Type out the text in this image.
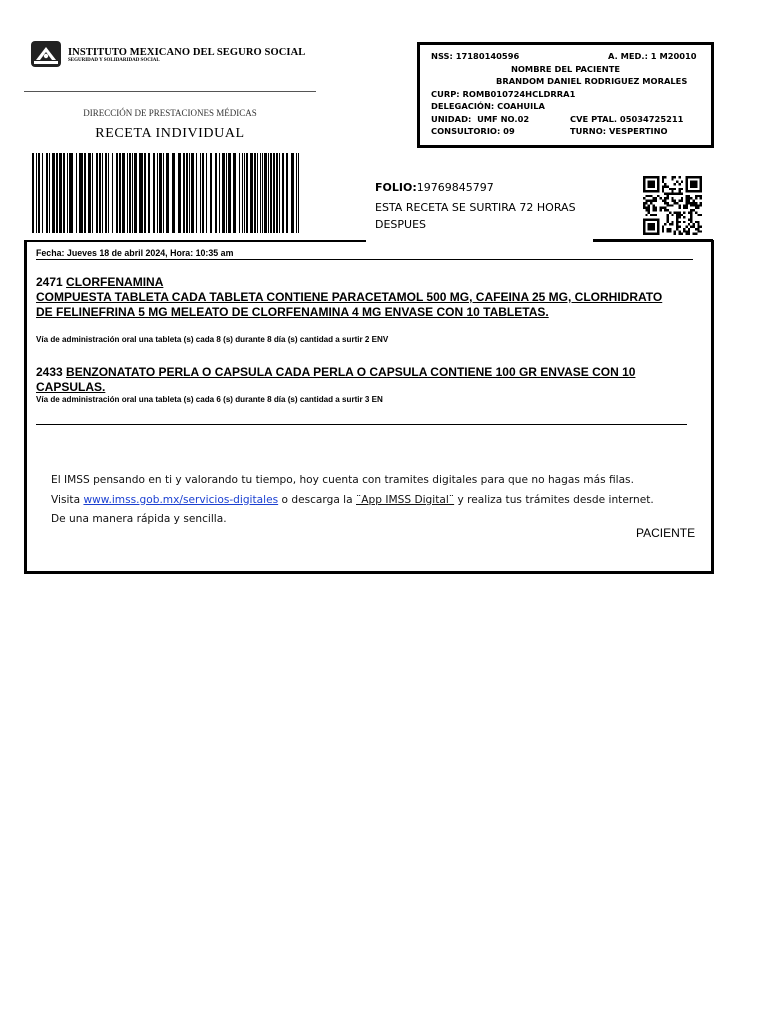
INSTITUTO MEXICANO DEL SEGURO SOCIAL
SEGURIDAD Y SOLIDARIDAD SOCIAL
DIRECCIÓN DE PRESTACIONES MÉDICAS
RECETA INDIVIDUAL
NSS: 17180140596	A. MED.: 1 M20010
NOMBRE DEL PACIENTE
BRANDOM DANIEL RODRIGUEZ MORALES
CURP: ROMB010724HCLDRRA1
DELEGACIÓN: COAHUILA
UNIDAD: UMF NO.02	CVE PTAL. 05034725211
CONSULTORIO: 09	TURNO: VESPERTINO
FOLIO:19769845797
ESTA RECETA SE SURTIRA 72 HORAS DESPUES
Fecha: Jueves 18 de abril 2024, Hora: 10:35 am
2471 CLORFENAMINA
COMPUESTA TABLETA CADA TABLETA CONTIENE PARACETAMOL 500 MG, CAFEINA 25 MG, CLORHIDRATO DE FELINEFRINA 5 MG MELEATO DE CLORFENAMINA 4 MG ENVASE CON 10 TABLETAS.
Vía de administración oral una tableta (s) cada 8 (s) durante 8 día (s) cantidad a surtir 2 ENV
2433 BENZONATATO PERLA O CAPSULA CADA PERLA O CAPSULA CONTIENE 100 GR ENVASE CON 10 CAPSULAS.
Vía de administración oral una tableta (s) cada 6 (s) durante 8 día (s) cantidad a surtir 3 EN
El IMSS pensando en ti y valorando tu tiempo, hoy cuenta con tramites digitales para que no hagas más filas.
Visita www.imss.gob.mx/servicios-digitales o descarga la ¨App IMSS Digital¨ y realiza tus trámites desde internet.
De una manera rápida y sencilla.
PACIENTE
